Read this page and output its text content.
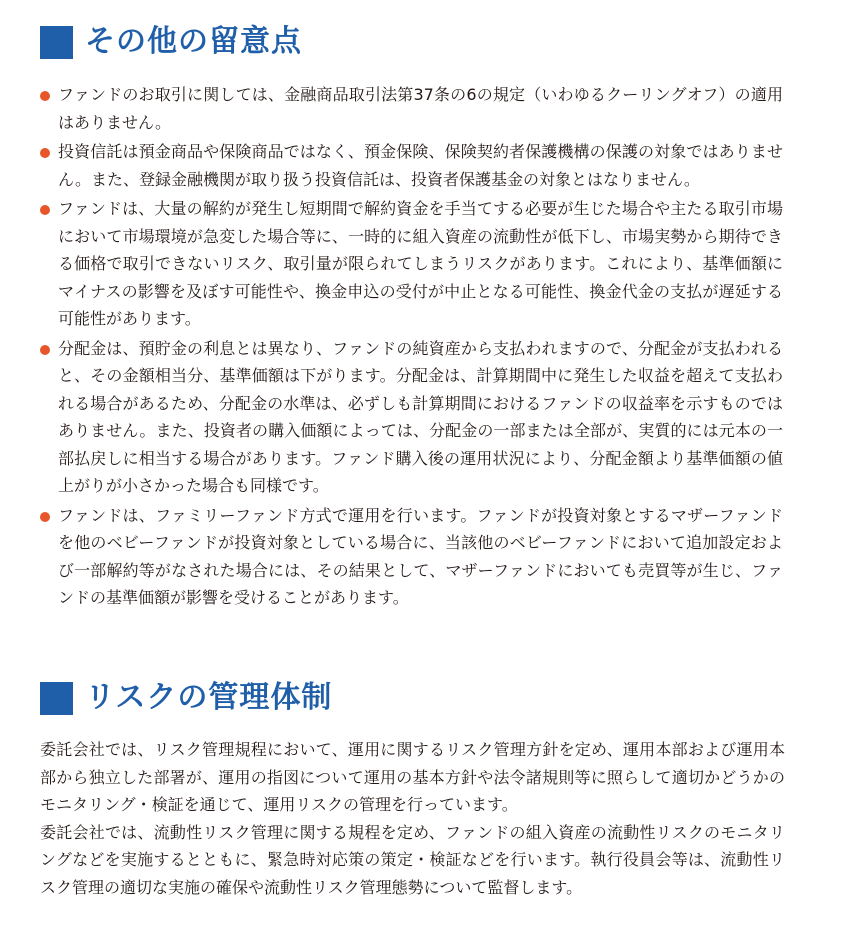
その他の留意点
ファンドのお取引に関しては、金融商品取引法第37条の6の規定（いわゆるクーリングオフ）の適用はありません。
投資信託は預金商品や保険商品ではなく、預金保険、保険契約者保護機構の保護の対象ではありません。また、登録金融機関が取り扱う投資信託は、投資者保護基金の対象とはなりません。
ファンドは、大量の解約が発生し短期間で解約資金を手当てする必要が生じた場合や主たる取引市場において市場環境が急変した場合等に、一時的に組入資産の流動性が低下し、市場実勢から期待できる価格で取引できないリスク、取引量が限られてしまうリスクがあります。これにより、基準価額にマイナスの影響を及ぼす可能性や、換金申込の受付が中止となる可能性、換金代金の支払が遅延する可能性があります。
分配金は、預貯金の利息とは異なり、ファンドの純資産から支払われますので、分配金が支払われると、その金額相当分、基準価額は下がります。分配金は、計算期間中に発生した収益を超えて支払われる場合があるため、分配金の水準は、必ずしも計算期間におけるファンドの収益率を示すものではありません。また、投資者の購入価額によっては、分配金の一部または全部が、実質的には元本の一部払戻しに相当する場合があります。ファンド購入後の運用状況により、分配金額より基準価額の値上がりが小さかった場合も同様です。
ファンドは、ファミリーファンド方式で運用を行います。ファンドが投資対象とするマザーファンドを他のベビーファンドが投資対象としている場合に、当該他のベビーファンドにおいて追加設定および一部解約等がなされた場合には、その結果として、マザーファンドにおいても売買等が生じ、ファンドの基準価額が影響を受けることがあります。
リスクの管理体制

委託会社では、リスク管理規程において、運用に関するリスク管理方針を定め、運用本部および運用本部から独立した部署が、運用の指図について運用の基本方針や法令諸規則等に照らして適切かどうかのモニタリング・検証を通じて、運用リスクの管理を行っています。

委託会社では、流動性リスク管理に関する規程を定め、ファンドの組入資産の流動性リスクのモニタリングなどを実施するとともに、緊急時対応策の策定・検証などを行います。執行役員会等は、流動性リスク管理の適切な実施の確保や流動性リスク管理態勢について監督します。
